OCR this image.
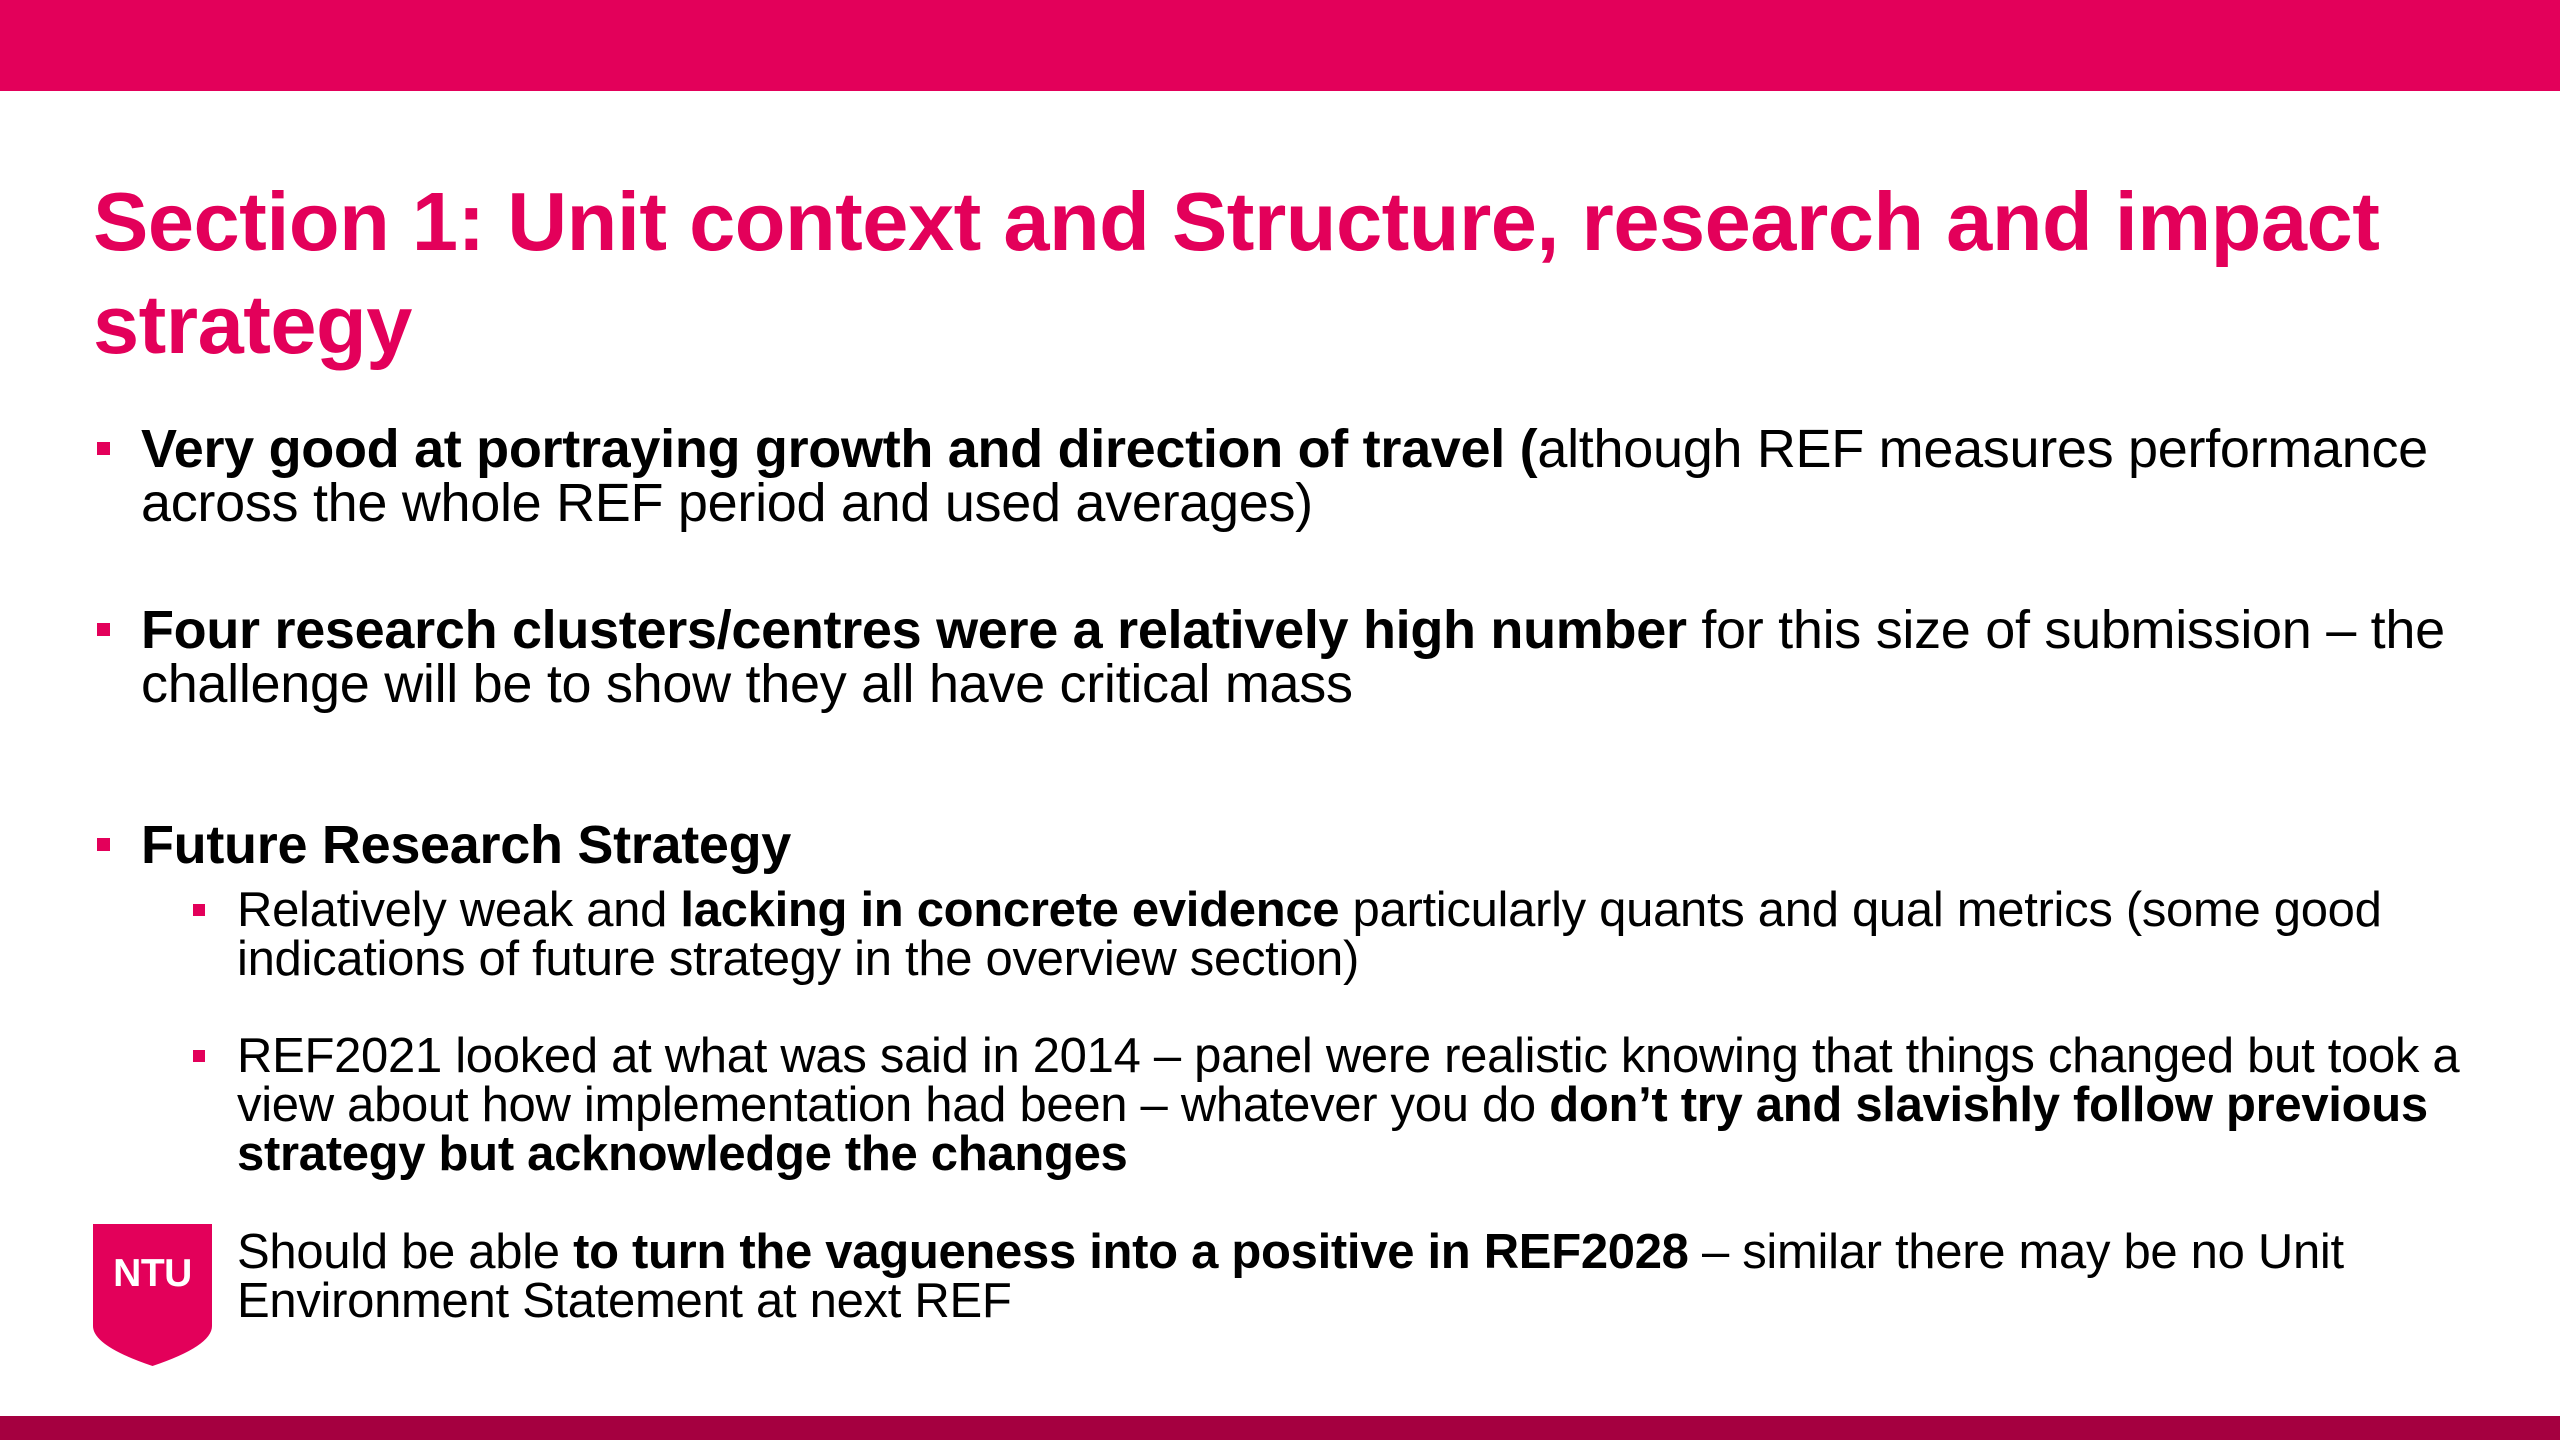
Section 1: Unit context and Structure, research and impact strategy
Very good at portraying growth and direction of travel (although REF measures performance across the whole REF period and used averages)
Four research clusters/centres were a relatively high number for this size of submission – the challenge will be to show they all have critical mass
Future Research Strategy
Relatively weak and lacking in concrete evidence particularly quants and qual metrics (some good indications of future strategy in the overview section)
REF2021 looked at what was said in 2014 – panel were realistic knowing that things changed but took a view about how implementation had been – whatever you do don’t try and slavishly follow previous strategy but acknowledge the changes
NTU Should be able to turn the vagueness into a positive in REF2028 – similar there may be no Unit Environment Statement at next REF
